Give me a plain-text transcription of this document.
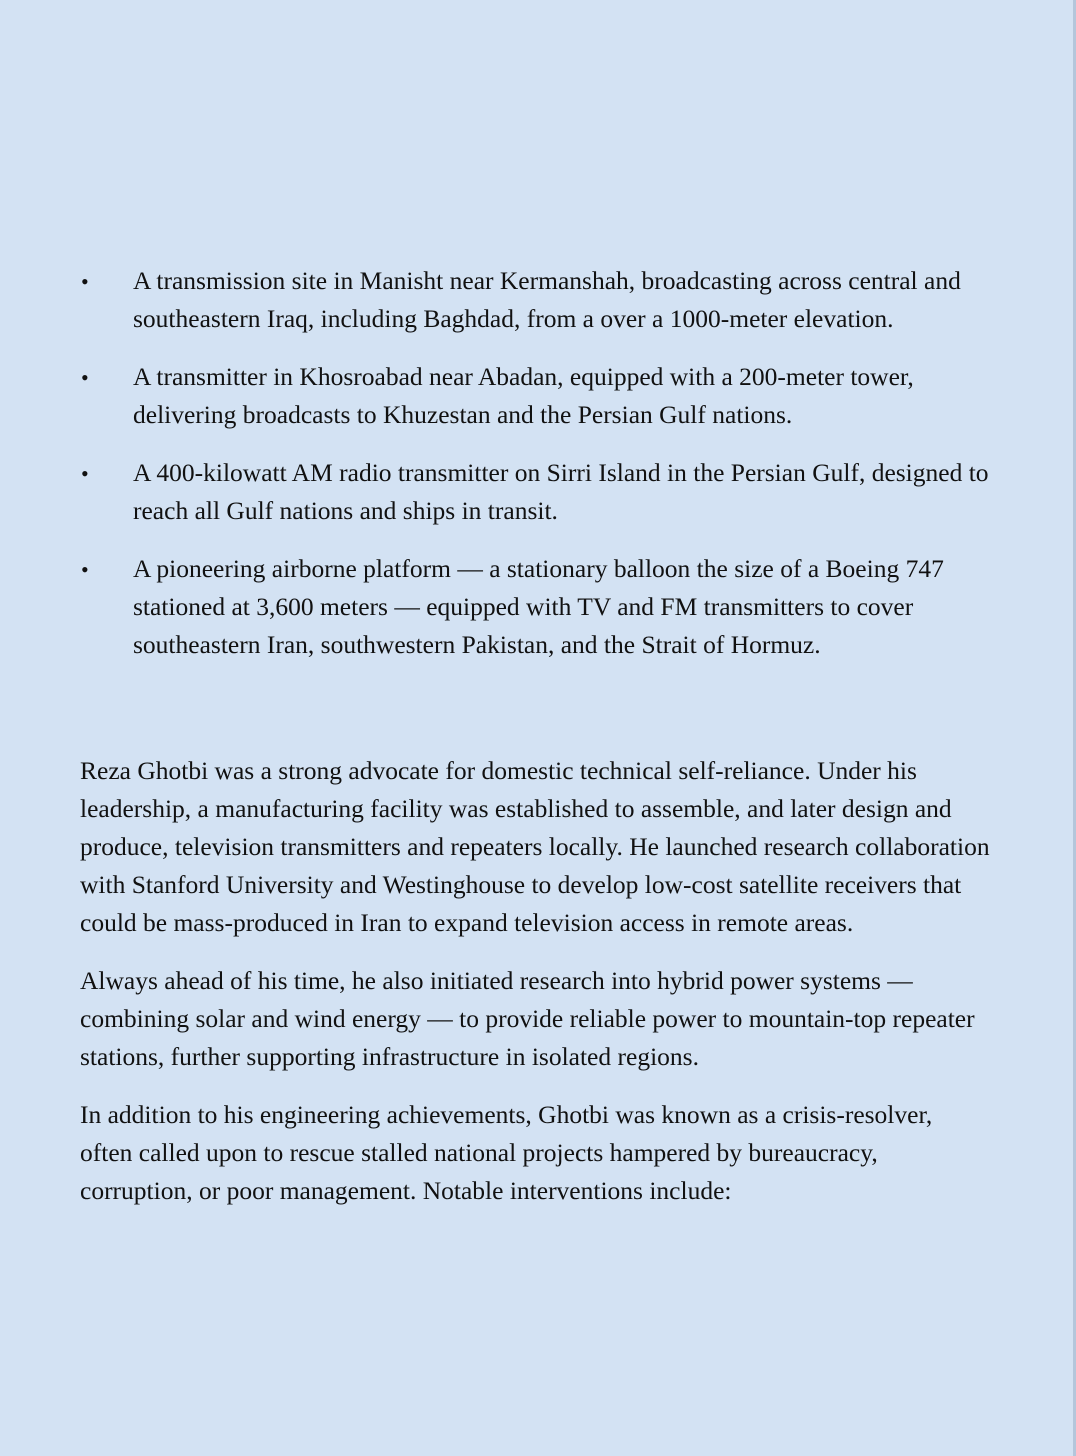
• A transmission site in Manisht near Kermanshah, broadcasting across central and southeastern Iraq, including Baghdad, from a over a 1000-meter elevation.
• A transmitter in Khosroabad near Abadan, equipped with a 200-meter tower, delivering broadcasts to Khuzestan and the Persian Gulf nations.
• A 400-kilowatt AM radio transmitter on Sirri Island in the Persian Gulf, designed to reach all Gulf nations and ships in transit.
• A pioneering airborne platform — a stationary balloon the size of a Boeing 747 stationed at 3,600 meters — equipped with TV and FM transmitters to cover southeastern Iran, southwestern Pakistan, and the Strait of Hormuz.

Reza Ghotbi was a strong advocate for domestic technical self-reliance. Under his leadership, a manufacturing facility was established to assemble, and later design and produce, television transmitters and repeaters locally. He launched research collaboration with Stanford University and Westinghouse to develop low-cost satellite receivers that could be mass-produced in Iran to expand television access in remote areas.

Always ahead of his time, he also initiated research into hybrid power systems — combining solar and wind energy — to provide reliable power to mountain-top repeater stations, further supporting infrastructure in isolated regions.

In addition to his engineering achievements, Ghotbi was known as a crisis-resolver, often called upon to rescue stalled national projects hampered by bureaucracy, corruption, or poor management. Notable interventions include:
